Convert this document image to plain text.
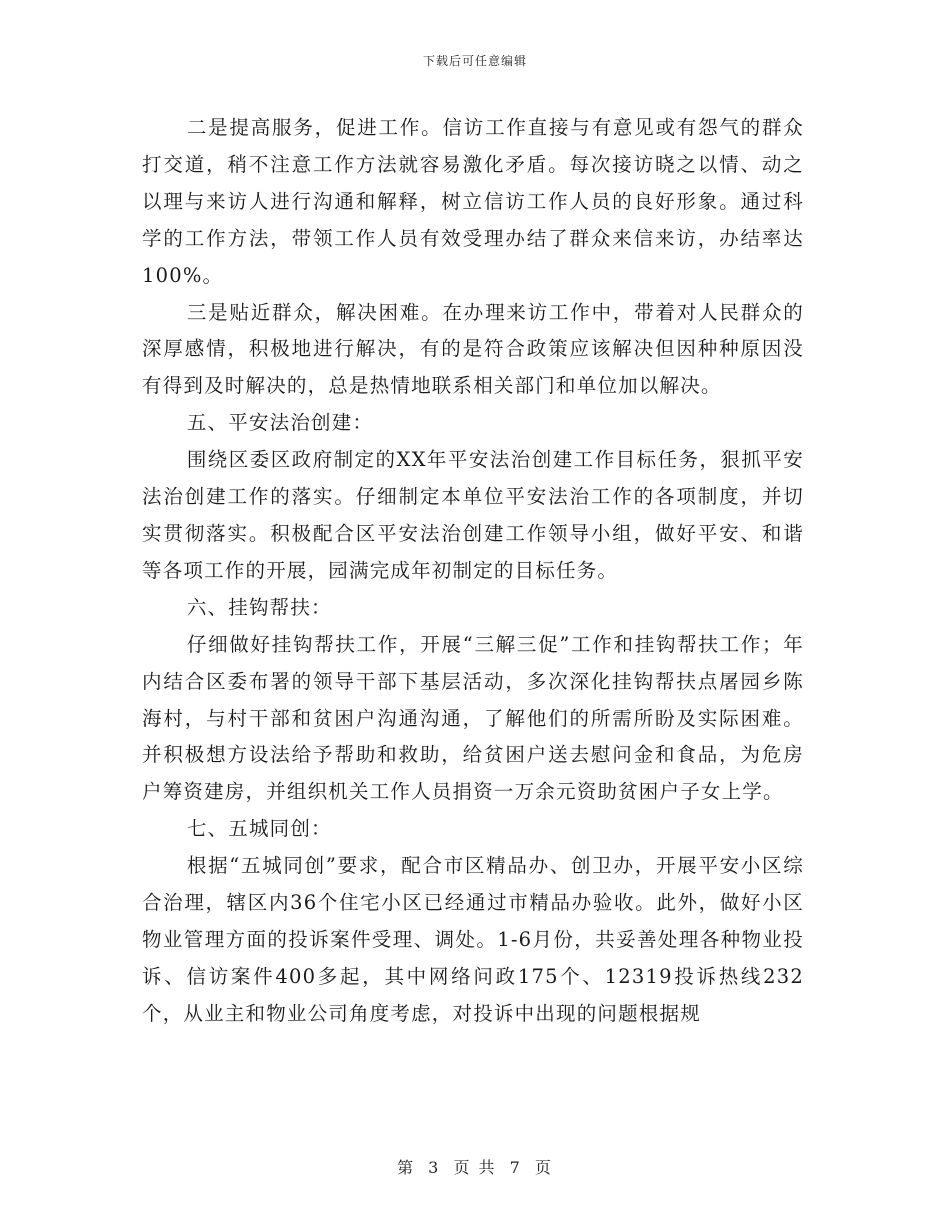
下载后可任意编辑

二是提高服务，促进工作。信访工作直接与有意见或有怨气的群众打交道，稍不注意工作方法就容易激化矛盾。每次接访晓之以情、动之以理与来访人进行沟通和解释，树立信访工作人员的良好形象。通过科学的工作方法，带领工作人员有效受理办结了群众来信来访，办结率达100%。

三是贴近群众，解决困难。在办理来访工作中，带着对人民群众的深厚感情，积极地进行解决，有的是符合政策应该解决但因种种原因没有得到及时解决的，总是热情地联系相关部门和单位加以解决。

五、平安法治创建：

围绕区委区政府制定的XX年平安法治创建工作目标任务，狠抓平安法治创建工作的落实。仔细制定本单位平安法治工作的各项制度，并切实贯彻落实。积极配合区平安法治创建工作领导小组，做好平安、和谐等各项工作的开展，园满完成年初制定的目标任务。

六、挂钩帮扶：

仔细做好挂钩帮扶工作，开展“三解三促”工作和挂钩帮扶工作；年内结合区委布署的领导干部下基层活动，多次深化挂钩帮扶点屠园乡陈海村，与村干部和贫困户沟通沟通，了解他们的所需所盼及实际困难。并积极想方设法给予帮助和救助，给贫困户送去慰问金和食品，为危房户筹资建房，并组织机关工作人员捐资一万余元资助贫困户子女上学。

七、五城同创：

根据“五城同创”要求，配合市区精品办、创卫办，开展平安小区综合治理，辖区内36个住宅小区已经通过市精品办验收。此外，做好小区物业管理方面的投诉案件受理、调处。1-6月份，共妥善处理各种物业投诉、信访案件400多起，其中网络问政175个、12319投诉热线232个，从业主和物业公司角度考虑，对投诉中出现的问题根据规

第 3 页 共 7 页
